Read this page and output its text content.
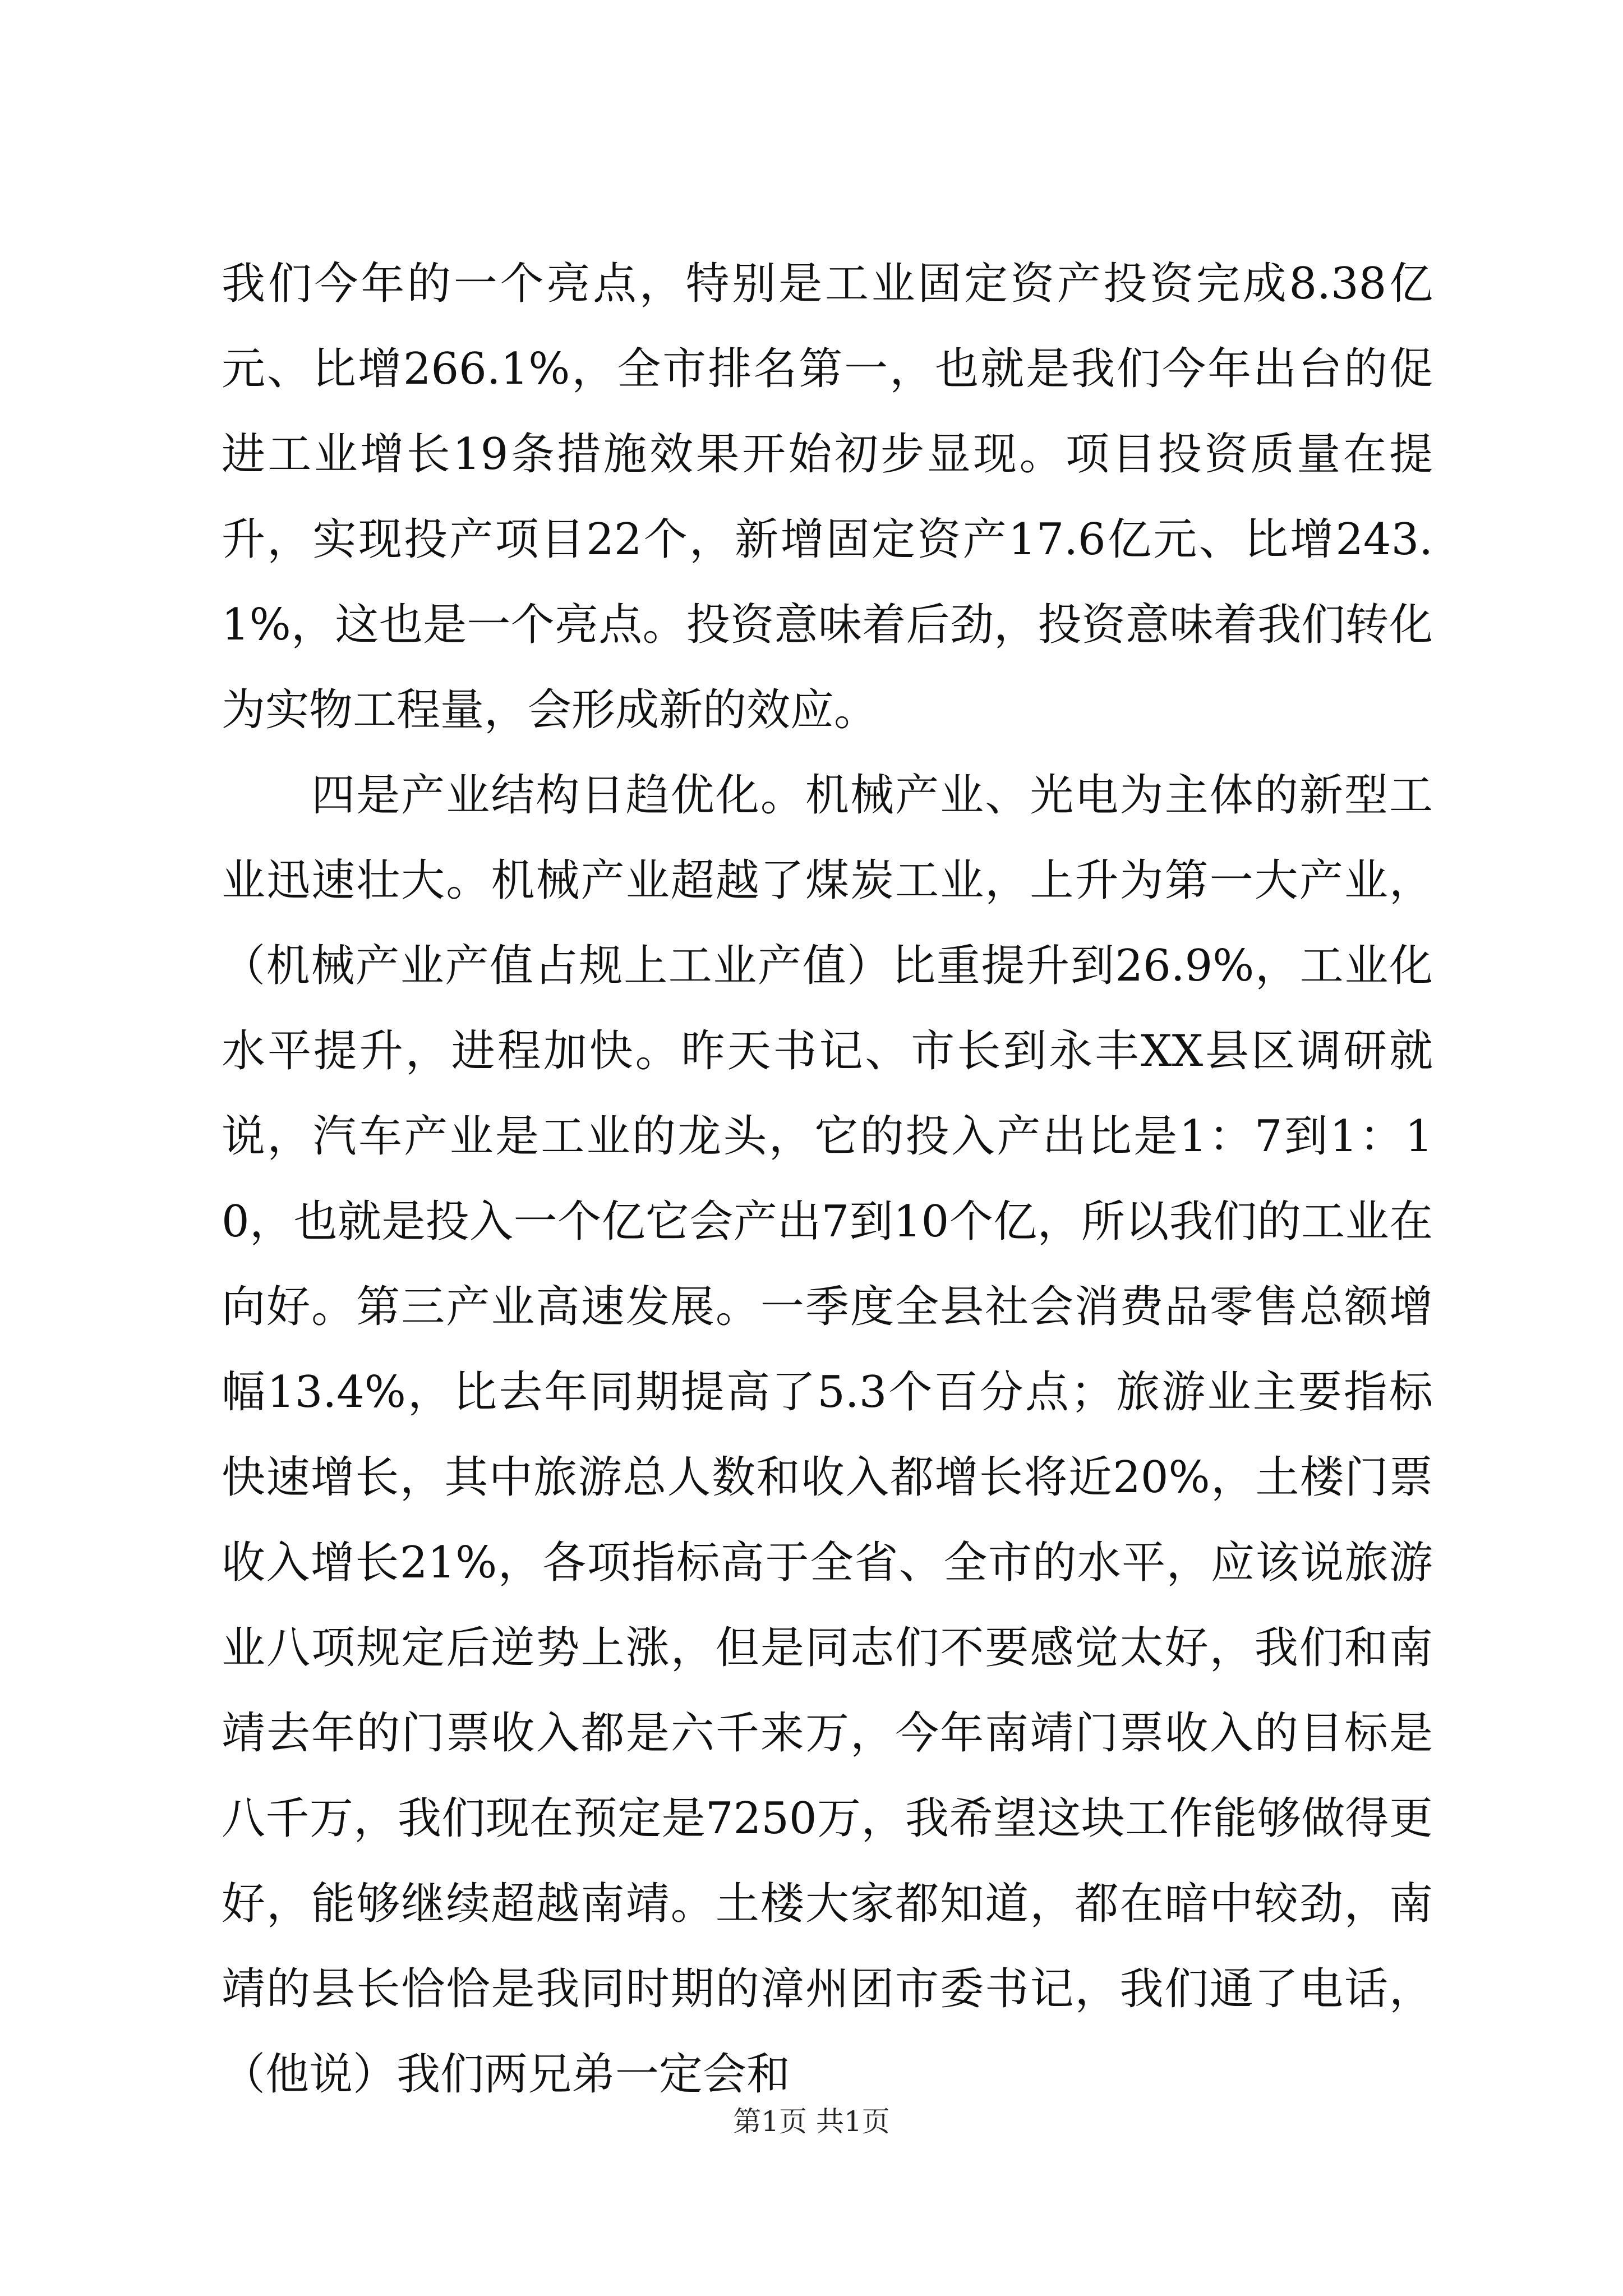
我们今年的一个亮点，特别是工业固定资产投资完成8.38亿元、比增266.1%，全市排名第一，也就是我们今年出台的促进工业增长19条措施效果开始初步显现。项目投资质量在提升，实现投产项目22个，新增固定资产17.6亿元、比增243.1%，这也是一个亮点。投资意味着后劲，投资意味着我们转化为实物工程量，会形成新的效应。

四是产业结构日趋优化。机械产业、光电为主体的新型工业迅速壮大。机械产业超越了煤炭工业，上升为第一大产业，（机械产业产值占规上工业产值）比重提升到26.9%，工业化水平提升，进程加快。昨天书记、市长到永丰XX县区调研就说，汽车产业是工业的龙头，它的投入产出比是1：7到1：10，也就是投入一个亿它会产出7到10个亿，所以我们的工业在向好。第三产业高速发展。一季度全县社会消费品零售总额增幅13.4%，比去年同期提高了5.3个百分点；旅游业主要指标快速增长，其中旅游总人数和收入都增长将近20%，土楼门票收入增长21%，各项指标高于全省、全市的水平，应该说旅游业八项规定后逆势上涨，但是同志们不要感觉太好，我们和南靖去年的门票收入都是六千来万，今年南靖门票收入的目标是八千万，我们现在预定是7250万，我希望这块工作能够做得更好，能够继续超越南靖。土楼大家都知道，都在暗中较劲，南靖的县长恰恰是我同时期的漳州团市委书记，我们通了电话，（他说）我们两兄弟一定会和

第1页 共1页
